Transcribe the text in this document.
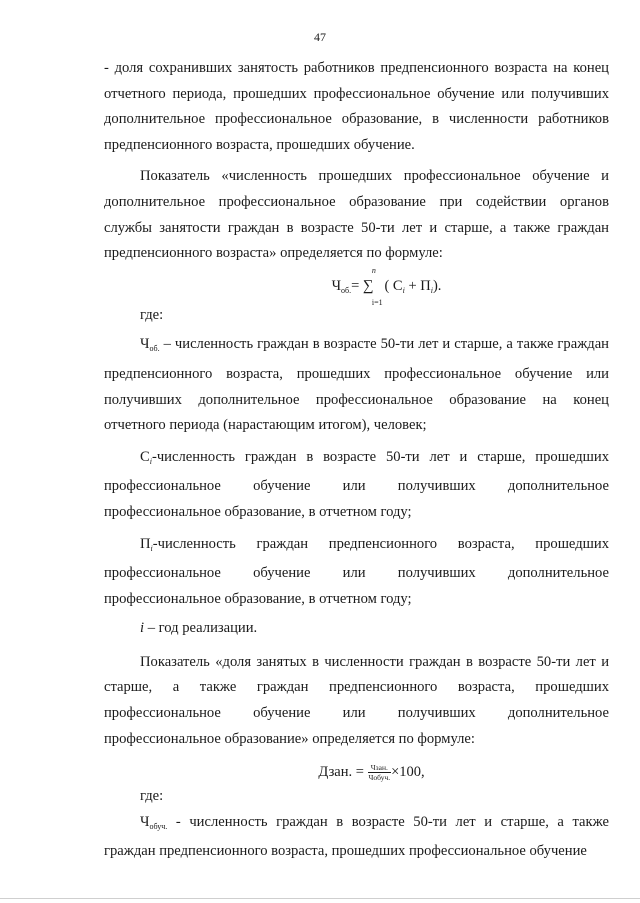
47

- доля сохранивших занятость работников предпенсионного возраста на конец отчетного периода, прошедших профессиональное обучение или получивших дополнительное профессиональное образование, в численности работников предпенсионного возраста, прошедших обучение.

Показатель «численность прошедших профессиональное обучение и дополнительное профессиональное образование при содействии органов службы занятости граждан в возрасте 50-ти лет и старше, а также граждан предпенсионного возраста» определяется по формуле:

$Ч_{об.}=$ ∑
n
i=1
( $С_i + П_i$).

где:

$Ч_{об.}$ – численность граждан в возрасте 50-ти лет и старше, а также граждан предпенсионного возраста, прошедших профессиональное обучение или получивших дополнительное профессиональное образование на конец отчетного периода (нарастающим итогом), человек;

$С_i$-численность граждан в возрасте 50-ти лет и старше, прошедших профессиональное обучение или получивших дополнительное

профессиональное образование, в отчетном году;

$П_i$-численность граждан предпенсионного возраста, прошедших профессиональное обучение или получивших дополнительное

профессиональное образование, в отчетном году;

i – год реализации.

Показатель «доля занятых в численности граждан в возрасте 50-ти лет и старше, а также граждан предпенсионного возраста, прошедших профессиональное обучение или получивших дополнительное

профессиональное образование» определяется по формуле:

Дзан. = $\frac{\text{Чзан.}}{\text{Чобуч.}} \times 100$,

где:

$Ч_{обуч.}$ - численность граждан в возрасте 50-ти лет и старше, а также граждан предпенсионного возраста, прошедших профессиональное обучение
